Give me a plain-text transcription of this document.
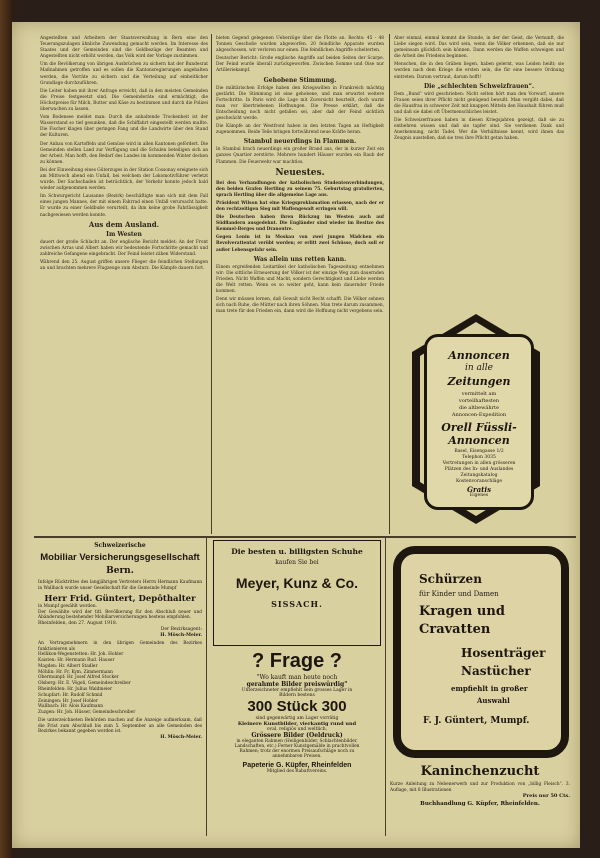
Angestellten und Arbeitern der Staatsverwaltung in Bern eine den Teuerungszulagen ähnliche Zuwendung gemacht werden. Im Interesse des Staates und der Gemeinden sind die Geldbezüge der Beamten und Angestellten nicht erhöht worden, das Volk wird der Vorlage zustimmen.

Um die Bevölkerung von übrigen Ausbrüchen zu sichern hat der Bundesrat Maßnahmen getroffen und es sollen die Kantonsregierungen angehalten werden, die Vorräte zu sichern und die Verteilung auf einheitlicher Grundlage durchzuführen.

Die Leiter haben mit ihrer Anfrage erreicht, daß in den meisten Gemeinden die Preise festgesetzt sind. Die Gemeinderäte sind ermächtigt, die Höchstpreise für Milch, Butter und Käse zu bestimmen und durch die Polizei überwachen zu lassen.

Vom Bodensee meldet man: Durch die anhaltende Trockenheit ist der Wasserstand so tief gesunken, daß die Schiffahrt eingestellt werden mußte. Die Fischer klagen über geringen Fang und die Landwirte über den Stand der Kulturen.

Der Anbau von Kartoffeln und Gemüse wird in allen Kantonen gefördert. Die Gemeinden stellen Land zur Verfügung und die Schulen beteiligen sich an der Arbeit. Man hofft, den Bedarf des Landes im kommenden Winter decken zu können.

Bei der Einweihung eines Güterzuges in der Station Cossonay ereignete sich am Mittwoch abend ein Unfall, bei welchem der Lokomotivführer verletzt wurde. Der Sachschaden ist beträchtlich, der Verkehr konnte jedoch bald wieder aufgenommen werden.

Im Schwurgericht Lausanne (Bezirk) beschäftigte man sich mit dem Fall eines jungen Mannes, der mit einem Fahrrad einen Unfall verursacht hatte. Er wurde zu einer Geldbuße verurteilt, da ihm keine grobe Fahrlässigkeit nachgewiesen werden konnte.

Aus dem Ausland.
Im Westen

dauert der große Schlacht an. Der englische Bericht meldet: An der Front zwischen Arras und Albert haben wir bedeutende Fortschritte gemacht und zahlreiche Gefangene eingebracht. Der Feind leistet zähen Widerstand.

Während den 25. August griffen unsere Flieger die feindlichen Stellungen an und brachten mehrere Flugzeuge zum Absturz. Die Kämpfe dauern fort.

bieten Gegend gelegenen Ueberzüge über die Flotte an. Rechts: 45 - 48 Tonnen Geschoße wurden abgeworfen. 20 feindliche Apparate wurden abgeschossen, wir verloren nur einen. Die feindlichen Angriffe scheiterten.

Deutscher Bericht: Große englische Angriffe auf beiden Seiten der Scarpe. Der Feind wurde überall zurückgeworfen. Zwischen Somme und Oise nur Artilleriekampf.

Gehobene Stimmung.

Die militärischen Erfolge haben den Kriegswillen in Frankreich mächtig gestärkt. Die Stimmung ist eine gehobene, und man erwartet weitere Fortschritte. In Paris wird die Lage mit Zuversicht beurteilt, doch warnt man vor übertriebenen Hoffnungen. Die Presse erklärt, daß die Entscheidung noch nicht gefallen sei, aber daß der Feind sichtlich geschwächt werde.

Die Kämpfe an der Westfront haben in den letzten Tagen an Heftigkeit zugenommen. Beide Teile bringen fortwährend neue Kräfte heran.

Stambul neuerdings in Flammen.

In Stambul brach neuerdings ein großer Brand aus, der in kurzer Zeit ein ganzes Quartier zerstörte. Mehrere hundert Häuser wurden ein Raub der Flammen. Die Feuerwehr war machtlos.

Neuestes.

Bei den Verhandlungen der katholischen Studentenverbindungen, den beiden Grafen Hertling zu seinem 75. Geburtstag gratulierten, sprach Hertling über die allgemeine Lage aus.

Präsident Wilson hat eine Kriegsproklamation erlassen, nach der er den rechtzeitigen Sieg mit Waffengewalt erringen will.

Die Deutschen haben ihren Rückzug im Westen auch auf Südflandern ausgedehnt. Die Engländer sind wieder im Besitze des Kemmel-Berges und Dranoutre.

Gegen Lenin ist in Moskau von zwei jungen Mädchen ein Revolverattentat verübt worden; er erlitt zwei Schüsse, doch soll er außer Lebensgefahr sein.

Was allein uns retten kann.

Einem ergreifenden Leitartikel der katholischen Tageszeitung entnehmen wir: Die sittliche Erneuerung der Völker ist der einzige Weg zum dauernden Frieden. Nicht Waffen und Macht, sondern Gerechtigkeit und Liebe werden die Welt retten. Wenn es so weiter geht, kann kein dauernder Friede kommen.

Denn wir müssen lernen, daß Gewalt nicht Recht schafft. Die Völker sehnen sich nach Ruhe, die Mütter nach ihren Söhnen. Man trete darum zusammen, man trete für den Frieden ein, dann wird die Hoffnung nicht vergebens sein.

Aber einmal, einmal kommt die Stunde, in der der Geist, die Vernunft, die Liebe siegen wird. Das wird sein, wenn die Völker erkennen, daß sie nur gemeinsam glücklich sein können. Dann werden die Waffen schweigen und die Arbeit des Friedens beginnen.

Menschen, die in den Gräben liegen, haben gelernt, was Leiden heißt; sie werden nach dem Kriege die ersten sein, die für eine bessere Ordnung eintreten. Darum vertraut, darum hofft!

Die „schlechten Schweizfrauen“.

Dem „Bund“ wird geschrieben: Nicht selten hört man den Vorwurf, unsere Frauen seien ihrer Pflicht nicht genügend bewußt. Man vergißt dabei, daß die Hausfrau in schwerer Zeit mit knappen Mitteln den Haushalt führen muß und daß sie dabei oft Übermenschliches leistet.

Die Schweizerfrauen haben in diesen Kriegsjahren gezeigt, daß sie zu entbehren wissen und daß sie tapfer sind. Sie verdienen Dank und Anerkennung, nicht Tadel. Wer die Verhältnisse kennt, wird ihnen das Zeugnis ausstellen, daß sie treu ihre Pflicht getan haben.

Annoncen
in alle
Zeitungen
vermittelt am
vorteilhaftesten
die altbewährte
Annoncen-Expedition
Orell Füssli-
Annoncen
Basel, Eisengasse 1/2
Telephon 3035
Vertretungen in allen grösseren
Plätzen des In- und Auslandes
Zeitungskatalog
Kostenvoranschläge
Gratis
Eigenes
Schweizerische
Mobiliar Versicherungsgesellschaft
Bern.
Infolge Rücktrittes des langjährigen Vertreters Herrn Hermann Kaufmann in Wallbach wurde unser Gesellschaft für die Gemeinde Mumpf
Herr Frid. Güntert, Depôthalter
in Mumpf gewählt worden.
Der Gewählte wird der titl. Bevölkerung für den Abschluß neuer und Abänderung bestehender Mobiliarversicherungen bestens empfohlen.
Rheinfelden, den 27. August 1918.
Der Bezirksagent:
H. Mösch-Meier.
An Vertragsnehmern in den übrigen Gemeinden des Bezirkes funktionieren als
Hellikon-Wegenstetten: Hr. Joh. Hohler
Kaisten: Hr. Hermann Rud. Hauser
Magden: Hr. Albert Stadler
Möhlin: Hr. Fr. Kym, Zimmermann
Obermumpf: Hr. Josef Alfred Stocker
Olsberg: Hr. E. Vögeli, Gemeindeschreiber
Rheinfelden: Hr. Julius Waldmeier
Schupfart: Hr. Rudolf Schmid
Zeiningen: Hr. Josef Hohler
Wallbach: Hr. Alois Kaufmann
Zuzgen: Hr. Joh. Hüsser, Gemeindeschreiber
Die unterzeichneten Behörden machen auf die Anzeige aufmerksam, daß die Frist zum Abschluß bis zum 5. September an alle Gemeinden des Bezirkes bekannt gegeben worden ist.
H. Mösch-Meier.
Die besten u. billigsten Schuhe
kaufen Sie bei
Meyer, Kunz & Co.
SISSACH.
? Frage ?
"Wo kauft man heute noch
gerahmte Bilder preiswürdig"
Unterzeichneter empfiehlt sein grosses Lager in
Bildern bestens
300 Stück 300
sind gegenwärtig am Lager vorrätig
Kleinere Kunstbilder, vierkantig rund und
oval, religiös und weltlich,
Grössere Bilder (Oeldruck)
in eleganten Rahmen (Heiligenbilder, Schlachtenbilder,
Landschaften, etc.) Ferner Kunstgemälde in prachtvollen
Rahmen; trotz der enormen Preisaufschläge noch zu
annehmbaren Preisen.
Papeterie G. Küpfer, Rheinfelden
Mitglied des Rabattvereins.
Schürzen
für Kinder und Damen
Kragen und
Cravatten
Hosenträger
Nastücher
empfiehlt in großer
Auswahl
F. J. Güntert, Mumpf.
Kaninchenzucht
Kurze Anleitung zu Nebenerwerb und zur Produktion von „billig Fleisch“. 3. Auflage, mit 8 Illustrationen
Preis nur 50 Cts.
Buchhandlung G. Küpfer, Rheinfelden.
